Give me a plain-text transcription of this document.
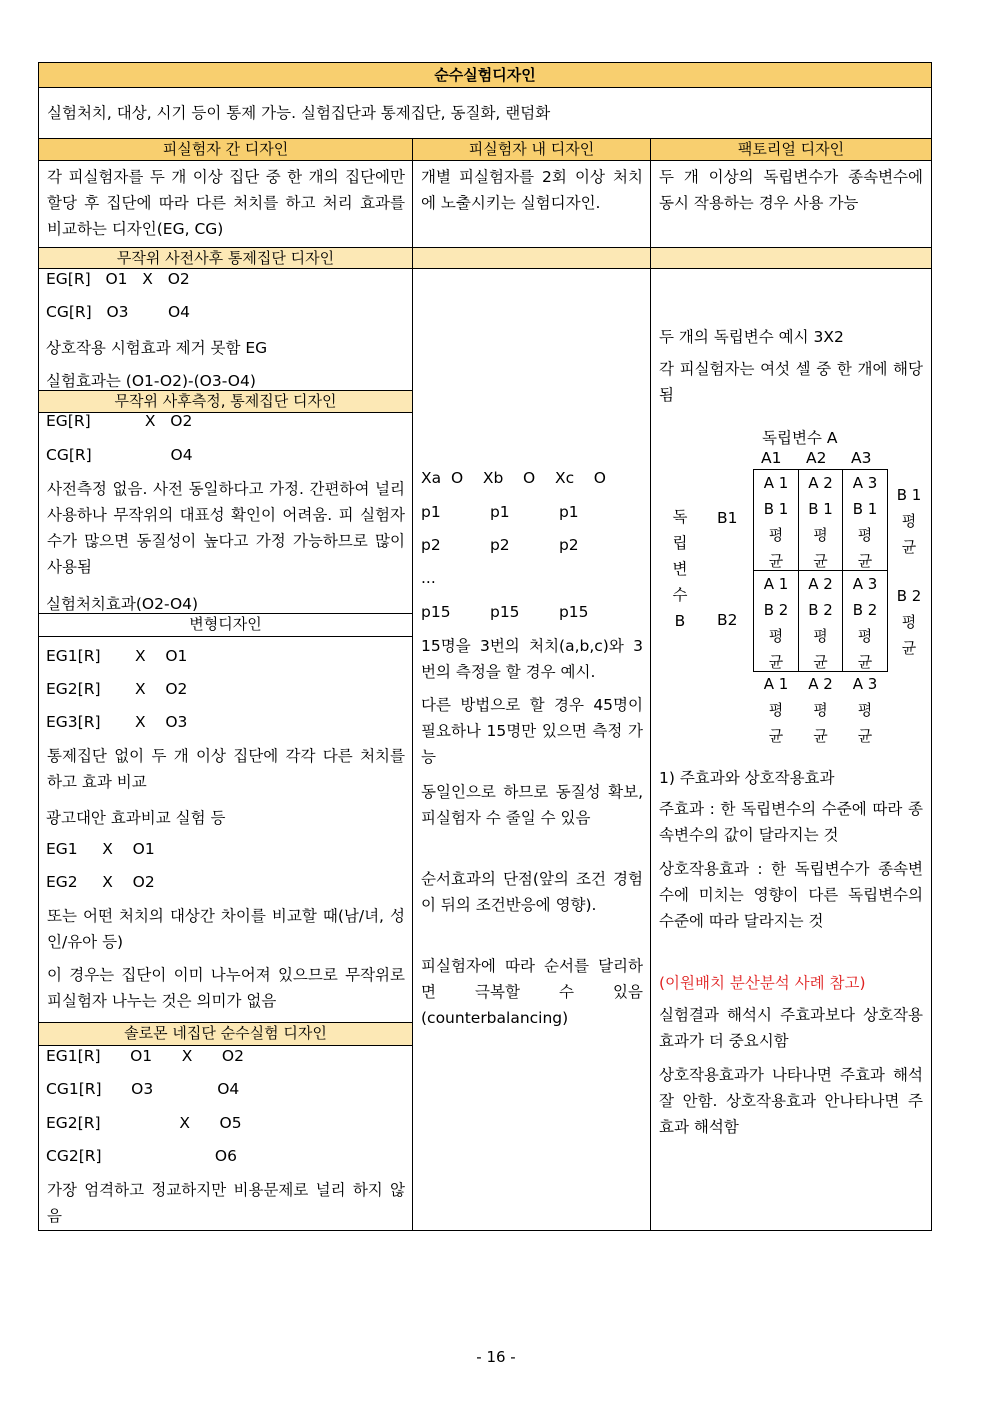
순수실험디자인
실험처치, 대상, 시기 등이 통제 가능. 실험집단과 통제집단, 동질화, 랜덤화
피실험자 간 디자인	피실험자 내 디자인	팩토리얼 디자인
각 피실험자를 두 개 이상 집단 중 한 개의 집단에만 할당 후 집단에 따라 다른 처치를 하고 처리 효과를 비교하는 디자인(EG, CG)
개별 피실험자를 2회 이상 처치에 노출시키는 실험디자인.
두 개 이상의 독립변수가 종속변수에 동시 작용하는 경우 사용 가능
무작위 사전사후 통제집단 디자인
EG[R]   O1   X   O2
CG[R]   O3        O4
상호작용 시험효과 제거 못함 EG
실험효과는 (O1-O2)-(O3-O4)
무작위 사후측정, 통제집단 디자인
EG[R]           X   O2
CG[R]                O4
사전측정 없음. 사전 동일하다고 가정. 간편하여 널리 사용하나 무작위의 대표성 확인이 어려움. 피 실험자 수가 많으면 동질성이 높다고 가정 가능하므로 많이 사용됨
실험처치효과(O2-O4)
변형디자인
EG1[R]       X    O1
EG2[R]       X    O2
EG3[R]       X    O3
통제집단 없이 두 개 이상 집단에 각각 다른 처치를 하고 효과 비교
광고대안 효과비교 실험 등
EG1     X    O1
EG2     X    O2
또는 어떤 처치의 대상간 차이를 비교할 때(남/녀, 성인/유아 등)
이 경우는 집단이 이미 나누어져 있으므로 무작위로 피실험자 나누는 것은 의미가 없음
솔로몬 네집단 순수실험 디자인
EG1[R]      O1      X      O2
CG1[R]      O3             O4
EG2[R]                X      O5
CG2[R]                       O6
가장 엄격하고 정교하지만 비용문제로 널리 하지 않음
Xa  O    Xb    O    Xc    O
p1          p1          p1
p2          p2          p2
...
p15        p15        p15
15명을 3번의 처치(a,b,c)와 3번의 측정을 할 경우 예시.
다른 방법으로 할 경우 45명이 필요하나 15명만 있으면 측정 가능
동일인으로 하므로 동질성 확보, 피실험자 수 줄일 수 있음
순서효과의 단점(앞의 조건 경험이 뒤의 조건반응에 영향).
피실험자에 따라 순서를 달리하면 극복할 수 있음 (counterbalancing)
두 개의 독립변수 예시 3X2
각 피실험자는 여섯 셀 중 한 개에 해당됨
독립변수 A
A1 A2 A3
독
립
변
수
B
B1
B2
A 1
B 1
평
균
A 2
B 1
평
균
A 3
B 1
평
균
A 1
B 2
평
균
A 2
B 2
평
균
A 3
B 2
평
균
B 1
평
균
B 2
평
균
A 1
평
균
A 2
평
균
A 3
평
균
1) 주효과와 상호작용효과
주효과 : 한 독립변수의 수준에 따라 종속변수의 값이 달라지는 것
상호작용효과 : 한 독립변수가 종속변수에 미치는 영향이 다른 독립변수의 수준에 따라 달라지는 것
(이원배치 분산분석 사례 참고)
실험결과 해석시 주효과보다 상호작용효과가 더 중요시함
상호작용효과가 나타나면 주효과 해석 잘 안함. 상호작용효과 안나타나면 주효과 해석함
- 16 -
